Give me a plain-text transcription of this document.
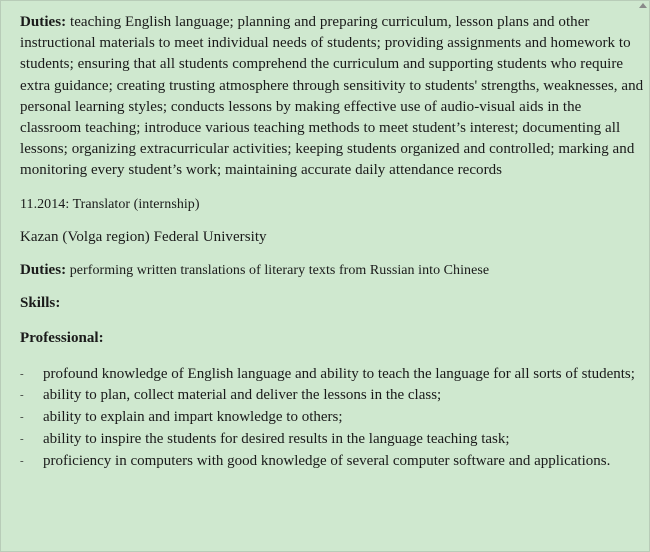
Duties: teaching English language; planning and preparing curriculum, lesson plans and other instructional materials to meet individual needs of students; providing assignments and homework to students; ensuring that all students comprehend the curriculum and supporting students who require extra guidance; creating trusting atmosphere through sensitivity to students' strengths, weaknesses, and personal learning styles; conducts lessons by making effective use of audio-visual aids in the classroom teaching; introduce various teaching methods to meet student’s interest; documenting all lessons; organizing extracurricular activities; keeping students organized and controlled; marking and monitoring every student’s work; maintaining accurate daily attendance records

11.2014: Translator (internship)

Kazan (Volga region) Federal University

Duties: performing written translations of literary texts from Russian into Chinese

Skills:

Professional:

- profound knowledge of English language and ability to teach the language for all sorts of students;
- ability to plan, collect material and deliver the lessons in the class;
- ability to explain and impart knowledge to others;
- ability to inspire the students for desired results in the language teaching task;
- proficiency in computers with good knowledge of several computer software and applications.
